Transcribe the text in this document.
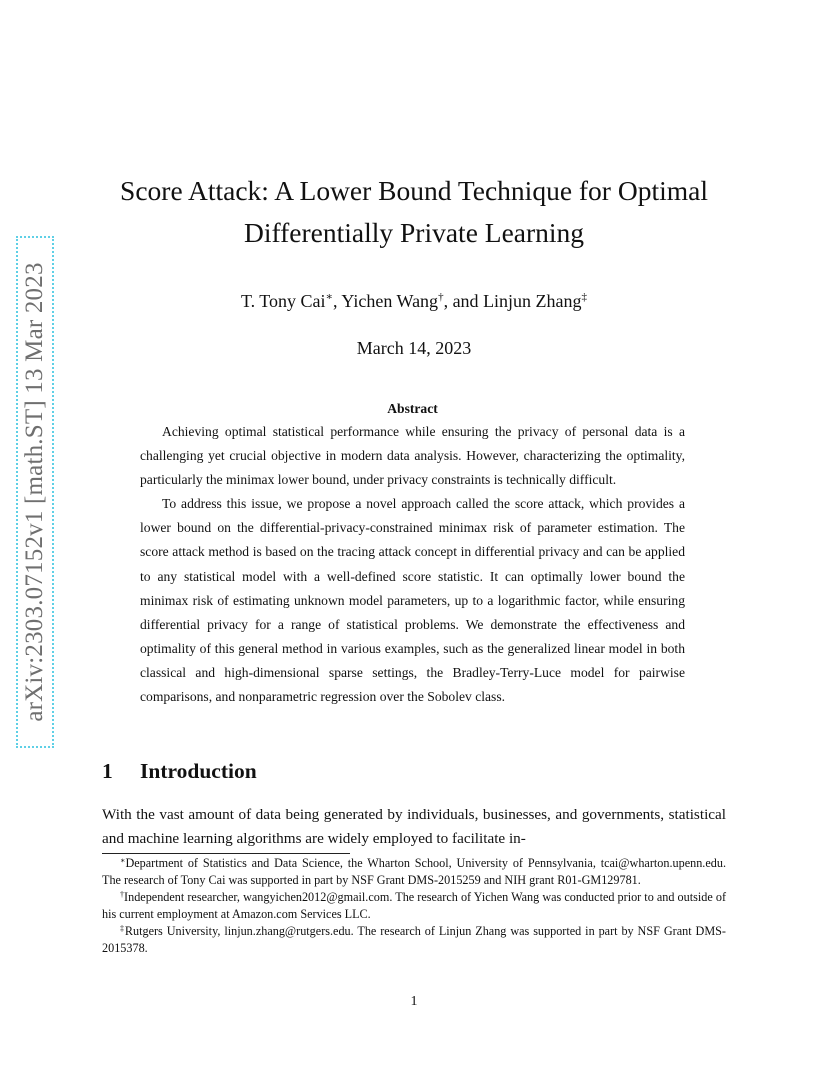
arXiv:2303.07152v1 [math.ST] 13 Mar 2023
Score Attack: A Lower Bound Technique for Optimal
Differentially Private Learning
T. Tony Cai∗, Yichen Wang†, and Linjun Zhang‡
March 14, 2023
Abstract

Achieving optimal statistical performance while ensuring the privacy of personal data is a challenging yet crucial objective in modern data analysis. However, characterizing the optimality, particularly the minimax lower bound, under privacy constraints is technically difficult.

To address this issue, we propose a novel approach called the score attack, which provides a lower bound on the differential-privacy-constrained minimax risk of parameter estimation. The score attack method is based on the tracing attack concept in differential privacy and can be applied to any statistical model with a well-defined score statistic. It can optimally lower bound the minimax risk of estimating unknown model parameters, up to a logarithmic factor, while ensuring differential privacy for a range of statistical problems. We demonstrate the effectiveness and optimality of this general method in various examples, such as the generalized linear model in both classical and high-dimensional sparse settings, the Bradley-Terry-Luce model for pairwise comparisons, and nonparametric regression over the Sobolev class.

1 Introduction

With the vast amount of data being generated by individuals, businesses, and governments, statistical and machine learning algorithms are widely employed to facilitate in-

∗Department of Statistics and Data Science, the Wharton School, University of Pennsylvania, tcai@wharton.upenn.edu. The research of Tony Cai was supported in part by NSF Grant DMS-2015259 and NIH grant R01-GM129781.

†Independent researcher, wangyichen2012@gmail.com. The research of Yichen Wang was conducted prior to and outside of his current employment at Amazon.com Services LLC.

‡Rutgers University, linjun.zhang@rutgers.edu. The research of Linjun Zhang was supported in part by NSF Grant DMS-2015378.

1
